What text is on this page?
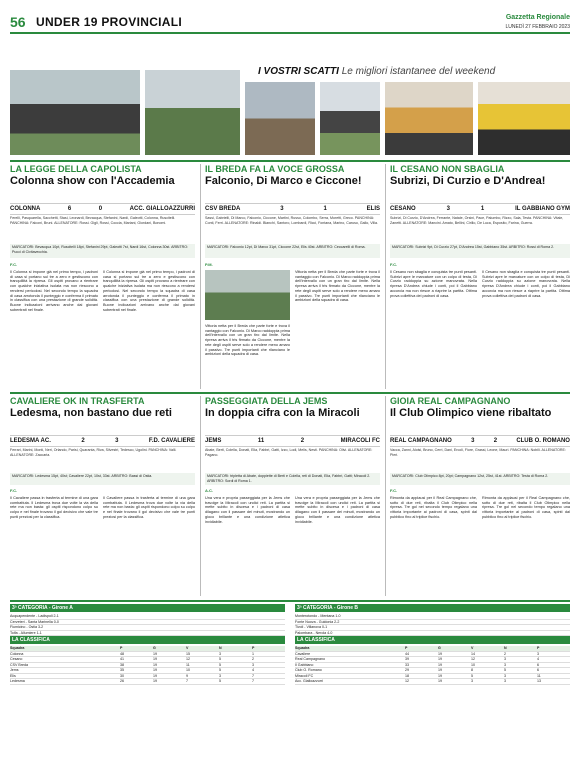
56 UNDER 19 PROVINCIALI	Gazzetta Regionale
LUNEDÌ 27 FEBBRAIO 2023
I VOSTRI SCATTI Le migliori istantanee del weekend
LA LEGGE DELLA CAPOLISTA
Colonna show con l'Accademia
COLONNA	6	0	ACC. GIALLOAZZURRI
Ferelli, Pasquarella, Sacchetti, Stasi, Leonardi, Bevacqua, Stefanini, Nardi, Galeotti, Colonna, Ruscitelli. PANCHINA: Falconi, Bruni. ALLENATORE: Rossi. Gigli, Rossi, Coccia, Mariani, Giordani, Bonomi.
MARCATORI: Bevacqua 10pt, Ruscitelli 18pt, Stefanini 29pt, Galeotti 7st, Nardi 16st, Colonna 30st. ARBITRO: Pucci di Civitavecchia.
F.C.
Il Colonna si impone già nel primo tempo, i padroni di casa si portano sul tre a zero e gestiscono con tranquillità la ripresa. Gli ospiti provano a rientrare con qualche iniziativa isolata ma non riescono a rendersi pericolosi. Nel secondo tempo la squadra di casa arrotonda il punteggio e conferma il primato in classifica con una prestazione di grande solidità. Buone indicazioni arrivano anche dai giovani subentrati nel finale.
Il Colonna si impone già nel primo tempo, i padroni di casa si portano sul tre a zero e gestiscono con tranquillità la ripresa. Gli ospiti provano a rientrare con qualche iniziativa isolata ma non riescono a rendersi pericolosi. Nel secondo tempo la squadra di casa arrotonda il punteggio e conferma il primato in classifica con una prestazione di grande solidità. Buone indicazioni arrivano anche dai giovani subentrati nel finale.
IL BREDA FA LA VOCE GROSSA
Falconio, Di Marco e Ciccone!
CSV BREDA	3	1	ELIS
Sassi, Gabrielli, Di Marco, Falconio, Ciccone, Martini, Russo, Colombo, Serra, Moretti, Greco. PANCHINA: Conti, Ferri. ALLENATORE: Rinaldi. Bianchi, Santoro, Lombardi, Ricci, Fontana, Marino, Caruso, Gallo, Villa.
MARCATORI: Falconio 12pt, Di Marco 31pt, Ciccone 22st, Elis 40st. ARBITRO: Ceccarelli di Roma.
P.M.
Vittoria netta per il Breda che parte forte e trova il vantaggio con Falconio. Di Marco raddoppia prima dell'intervallo con un gran tiro dal limite. Nella ripresa arriva il tris firmato da Ciccone, mentre la rete degli ospiti serve solo a rendere meno amaro il passivo. Tre punti importanti che rilanciano le ambizioni della squadra di casa.
Vittoria netta per il Breda che parte forte e trova il vantaggio con Falconio. Di Marco raddoppia prima dell'intervallo con un gran tiro dal limite. Nella ripresa arriva il tris firmato da Ciccone, mentre la rete degli ospiti serve solo a rendere meno amaro il passivo. Tre punti importanti che rilanciano le ambizioni della squadra di casa.
IL CESANO NON SBAGLIA
Subrizi, Di Curzio e D'Andrea!
CESANO	3	1	IL GABBIANO GYM
Subrizi, Di Curzio, D'Andrea, Ferrante, Natale, Orsini, Pace, Palumbo, Rizzo, Sala, Testa. PANCHINA: Vitale, Zanetti. ALLENATORE: Mancini. Amato, Bellini, Cirillo, De Luca, Esposito, Farina, Guerra.
MARCATORI: Subrizi 9pt, Di Curzio 27pt, D'Andrea 15st, Gabbiano 35st. ARBITRO: Rossi di Roma 2.
F.C.
Il Cesano non sbaglia e conquista tre punti pesanti. Subrizi apre le marcature con un colpo di testa, Di Curzio raddoppia su azione manovrata. Nella ripresa D'Andrea chiude i conti, poi il Gabbiano accorcia ma non riesce a riaprire la partita. Ottima prova collettiva dei padroni di casa.
Il Cesano non sbaglia e conquista tre punti pesanti. Subrizi apre le marcature con un colpo di testa, Di Curzio raddoppia su azione manovrata. Nella ripresa D'Andrea chiude i conti, poi il Gabbiano accorcia ma non riesce a riaprire la partita. Ottima prova collettiva dei padroni di casa.
CAVALIERE OK IN TRASFERTA
Ledesma, non bastano due reti
LEDESMA AC.	2	3	F.D. CAVALIERE
Ferrari, Marini, Monti, Neri, Orlando, Parisi, Quaranta, Riva, Silvestri, Tedesco, Ugolini. PANCHINA: Valli. ALLENATORE: Zaccaria.
MARCATORI: Ledesma 15pt, 40st; Cavaliere 22pt, 10st, 33st. ARBITRO: Bassi di Ostia.
F.C.
Il Cavaliere passa in trasferta al termine di una gara combattuta. Il Ledesma trova due volte la via della rete ma non basta: gli ospiti rispondono colpo su colpo e nel finale trovano il gol decisivo che vale tre punti preziosi per la classifica.
Il Cavaliere passa in trasferta al termine di una gara combattuta. Il Ledesma trova due volte la via della rete ma non basta: gli ospiti rispondono colpo su colpo e nel finale trovano il gol decisivo che vale tre punti preziosi per la classifica.
PASSEGGIATA DELLA JEMS
In doppia cifra con la Miracoli
JEMS	11	2	MIRACOLI FC
Abate, Berti, Colella, Donati, Elia, Fabbri, Gatti, Izzo, Lodi, Melis, Nesti. PANCHINA: Olivi. ALLENATORE: Pagano.
MARCATORI: tripletta di Abate, doppiette di Berti e Colella, reti di Donati, Elia, Fabbri, Gatti; Miracoli 2. ARBITRO: Sordi di Roma 1.
A.C.
Una vera e propria passeggiata per la Jems che travolge la Miracoli con undici reti. La partita si mette subito in discesa e i padroni di casa dilagano con il passare dei minuti, mostrando un gioco brillante e una condizione atletica invidiabile.
Una vera e propria passeggiata per la Jems che travolge la Miracoli con undici reti. La partita si mette subito in discesa e i padroni di casa dilagano con il passare dei minuti, mostrando un gioco brillante e una condizione atletica invidiabile.
GIOIA REAL CAMPAGNANO
Il Club Olimpico viene ribaltato
REAL CAMPAGNANO	3	2	CLUB O. ROMANO
Vacca, Zanni, Aloisi, Bruno, Cerri, Dani, Ercoli, Fiore, Grassi, Leone, Mauri. PANCHINA: Nobili. ALLENATORE: Pieri.
MARCATORI: Club Olimpico 8pt, 20pt; Campagnano 12st, 25st, 41st. ARBITRO: Testa di Roma 2.
F.C.
Rimonta da applausi per il Real Campagnano che, sotto di due reti, ribalta il Club Olimpico nella ripresa. Tre gol nel secondo tempo regalano una vittoria importante ai padroni di casa, spinti dal pubblico fino al triplice fischio.
Rimonta da applausi per il Real Campagnano che, sotto di due reti, ribalta il Club Olimpico nella ripresa. Tre gol nel secondo tempo regalano una vittoria importante ai padroni di casa, spinti dal pubblico fino al triplice fischio.
3ª CATEGORIA - Girone A
Acquapendente - Ladispoli 2-1
Cerveteri - Santa Marinella 0-0
Fiumicino - Ostia 3-2
Tolfa - Allumiere 1-1
LA CLASSIFICA
Squadra	P	G	V	N	P
Colonna	48	19	15	3	1
Cesano	41	19	12	5	2
CSV Breda	38	19	11	5	3
Jems	35	19	10	5	4
Elis	30	19	9	3	7
Ledesma	26	19	7	5	7
3ª CATEGORIA - Girone B
Monterotondo - Mentana 1-0
Fonte Nuova - Guidonia 2-2
Tivoli - Villanova 0-1
Palombara - Nerola 4-0
LA CLASSIFICA
Squadra	P	G	V	N	P
Cavaliere	44	19	14	2	3
Real Campagnano	39	19	12	3	4
Il Gabbiano	33	19	10	3	6
Club O. Romano	29	19	8	5	6
Miracoli FC	18	19	5	3	11
Acc. Gialloazzurri	12	19	3	3	13
